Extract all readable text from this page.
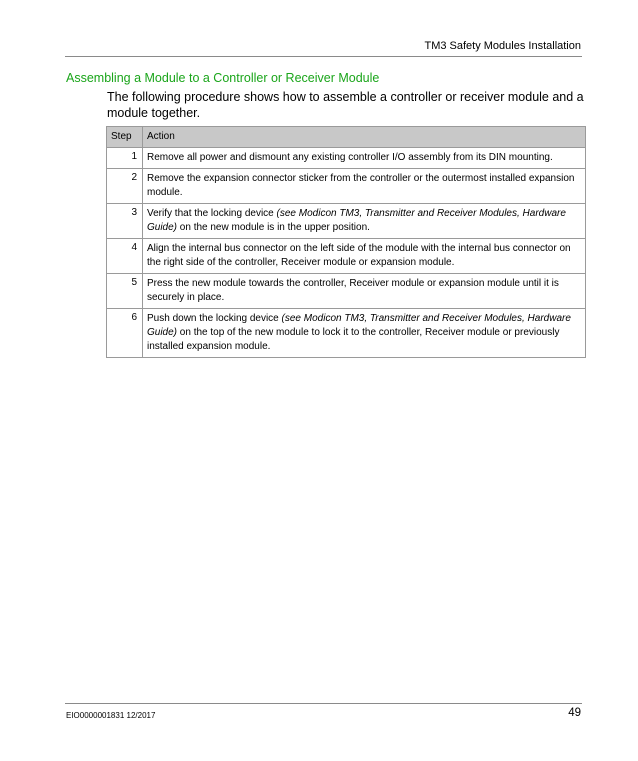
TM3 Safety Modules Installation
Assembling a Module to a Controller or Receiver Module
The following procedure shows how to assemble a controller or receiver module and a module together.
Step	Action
1	Remove all power and dismount any existing controller I/O assembly from its DIN mounting.
2	Remove the expansion connector sticker from the controller or the outermost installed expansion module.
3	Verify that the locking device (see Modicon TM3, Transmitter and Receiver Modules, Hardware Guide) on the new module is in the upper position.
4	Align the internal bus connector on the left side of the module with the internal bus connector on the right side of the controller, Receiver module or expansion module.
5	Press the new module towards the controller, Receiver module or expansion module until it is securely in place.
6	Push down the locking device (see Modicon TM3, Transmitter and Receiver Modules, Hardware Guide) on the top of the new module to lock it to the controller, Receiver module or previously installed expansion module.
EIO0000001831 12/2017	49
